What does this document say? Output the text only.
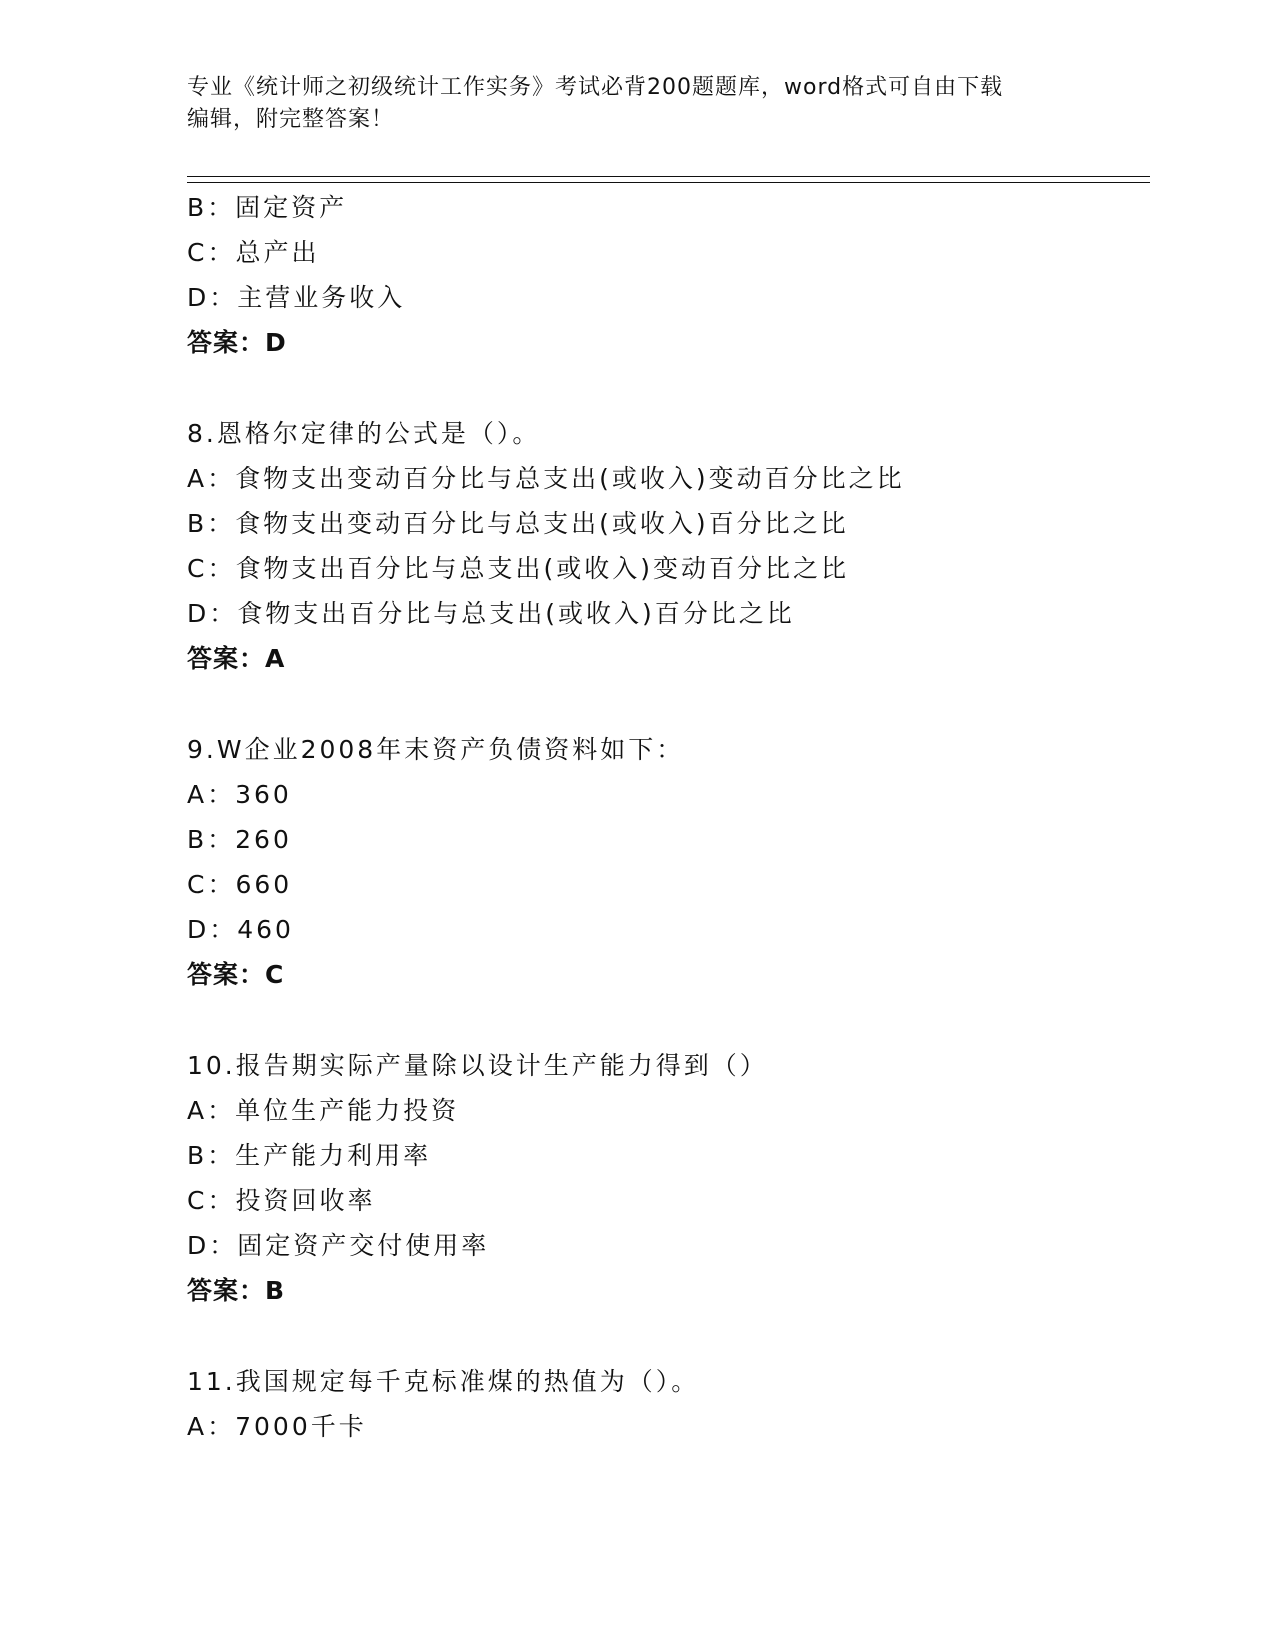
专业《统计师之初级统计工作实务》考试必背200题题库，word格式可自由下载
编辑，附完整答案！
B：固定资产
C：总产出
D：主营业务收入
答案：D
8.恩格尔定律的公式是（）。
A：食物支出变动百分比与总支出(或收入)变动百分比之比
B：食物支出变动百分比与总支出(或收入)百分比之比
C：食物支出百分比与总支出(或收入)变动百分比之比
D：食物支出百分比与总支出(或收入)百分比之比
答案：A
9.W企业2008年末资产负债资料如下：
A：360
B：260
C：660
D：460
答案：C
10.报告期实际产量除以设计生产能力得到（）
A：单位生产能力投资
B：生产能力利用率
C：投资回收率
D：固定资产交付使用率
答案：B
11.我国规定每千克标准煤的热值为（）。
A：7000千卡
